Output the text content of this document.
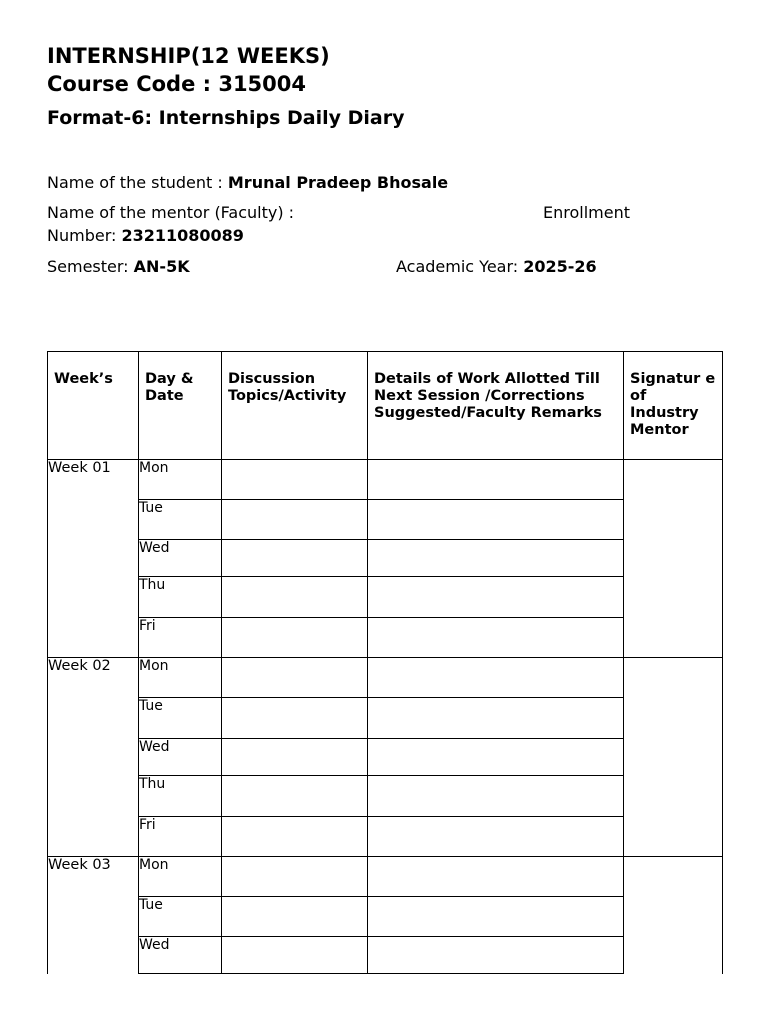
INTERNSHIP(12 WEEKS)
Course Code : 315004
Format-6: Internships Daily Diary
Name of the student : Mrunal Pradeep Bhosale
Name of the mentor (Faculty) :	Enrollment
Number: 23211080089
Semester: AN-5K	Academic Year: 2025-26
Week’s	Day & Date	Discussion Topics/Activity	Details of Work Allotted Till Next Session /Corrections Suggested/Faculty Remarks	Signatur e of Industry Mentor
Week 01	Mon			
	Tue			
	Wed			
	Thu			
	Fri			
Week 02	Mon			
	Tue			
	Wed			
	Thu			
	Fri			
Week 03	Mon			
	Tue			
	Wed			
